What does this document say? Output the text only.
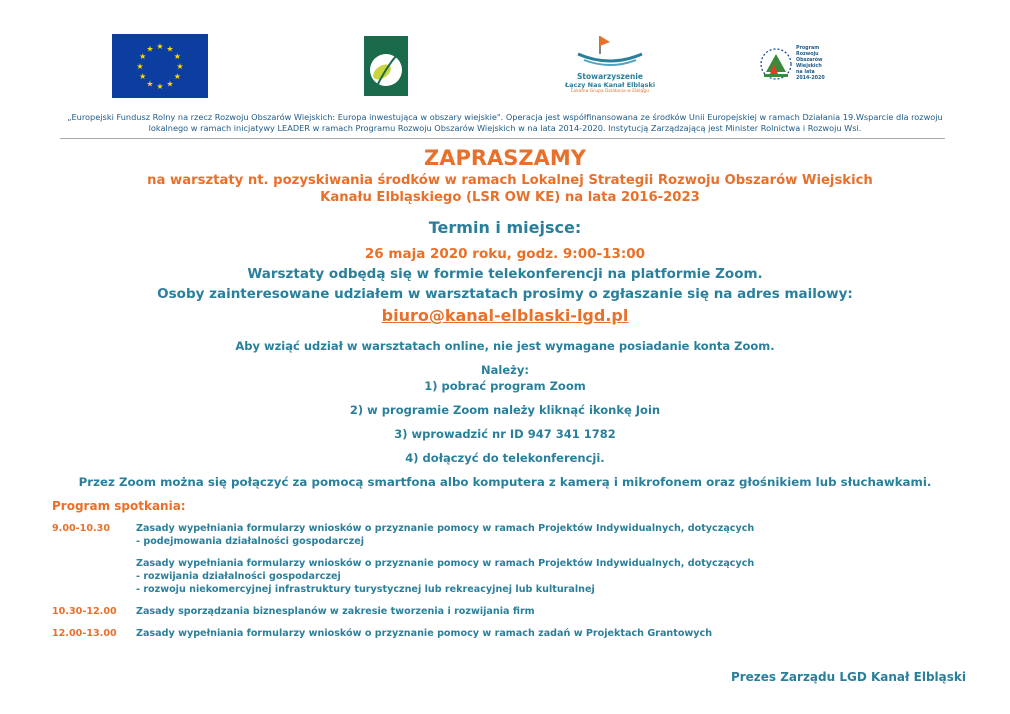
★ ★
★
★
★
★
★
★
★
★
★
★
Stowarzyszenie
Łączy Nas Kanał Elbląski
Lokalna Grupa Działania w Elblągu
Program
Rozwoju
Obszarów
Wiejskich
na lata 2014-2020
„Europejski Fundusz Rolny na rzecz Rozwoju Obszarów Wiejskich: Europa inwestująca w obszary wiejskie". Operacja jest współfinansowana ze środków Unii Europejskiej w ramach Działania 19.Wsparcie dla rozwoju lokalnego w ramach inicjatywy LEADER w ramach Programu Rozwoju Obszarów Wiejskich w na lata 2014-2020. Instytucją Zarządzającą jest Minister Rolnictwa i Rozwoju Wsi.
ZAPRASZAMY
na warsztaty nt. pozyskiwania środków w ramach Lokalnej Strategii Rozwoju Obszarów Wiejskich Kanału Elbląskiego (LSR OW KE) na lata 2016-2023
Termin i miejsce:
26 maja 2020 roku, godz. 9:00-13:00
Warsztaty odbędą się w formie telekonferencji na platformie Zoom.
Osoby zainteresowane udziałem w warsztatach prosimy o zgłaszanie się na adres mailowy:
biuro@kanal-elblaski-lgd.pl
Aby wziąć udział w warsztatach online, nie jest wymagane posiadanie konta Zoom.
Należy:
1) pobrać program Zoom
2) w programie Zoom należy kliknąć ikonkę Join
3) wprowadzić nr ID 947 341 1782
4) dołączyć do telekonferencji.
Przez Zoom można się połączyć za pomocą smartfona albo komputera z kamerą i mikrofonem oraz głośnikiem lub słuchawkami.
Program spotkania:
9.00-10.30	Zasady wypełniania formularzy wniosków o przyznanie pomocy w ramach Projektów Indywidualnych, dotyczących
- podejmowania działalności gospodarczej
Zasady wypełniania formularzy wniosków o przyznanie pomocy w ramach Projektów Indywidualnych, dotyczących
- rozwijania działalności gospodarczej
- rozwoju niekomercyjnej infrastruktury turystycznej lub rekreacyjnej lub kulturalnej
10.30-12.00 Zasady sporządzania biznesplanów w zakresie tworzenia i rozwijania firm
12.00-13.00 Zasady wypełniania formularzy wniosków o przyznanie pomocy w ramach zadań w Projektach Grantowych
Prezes Zarządu LGD Kanał Elbląski
